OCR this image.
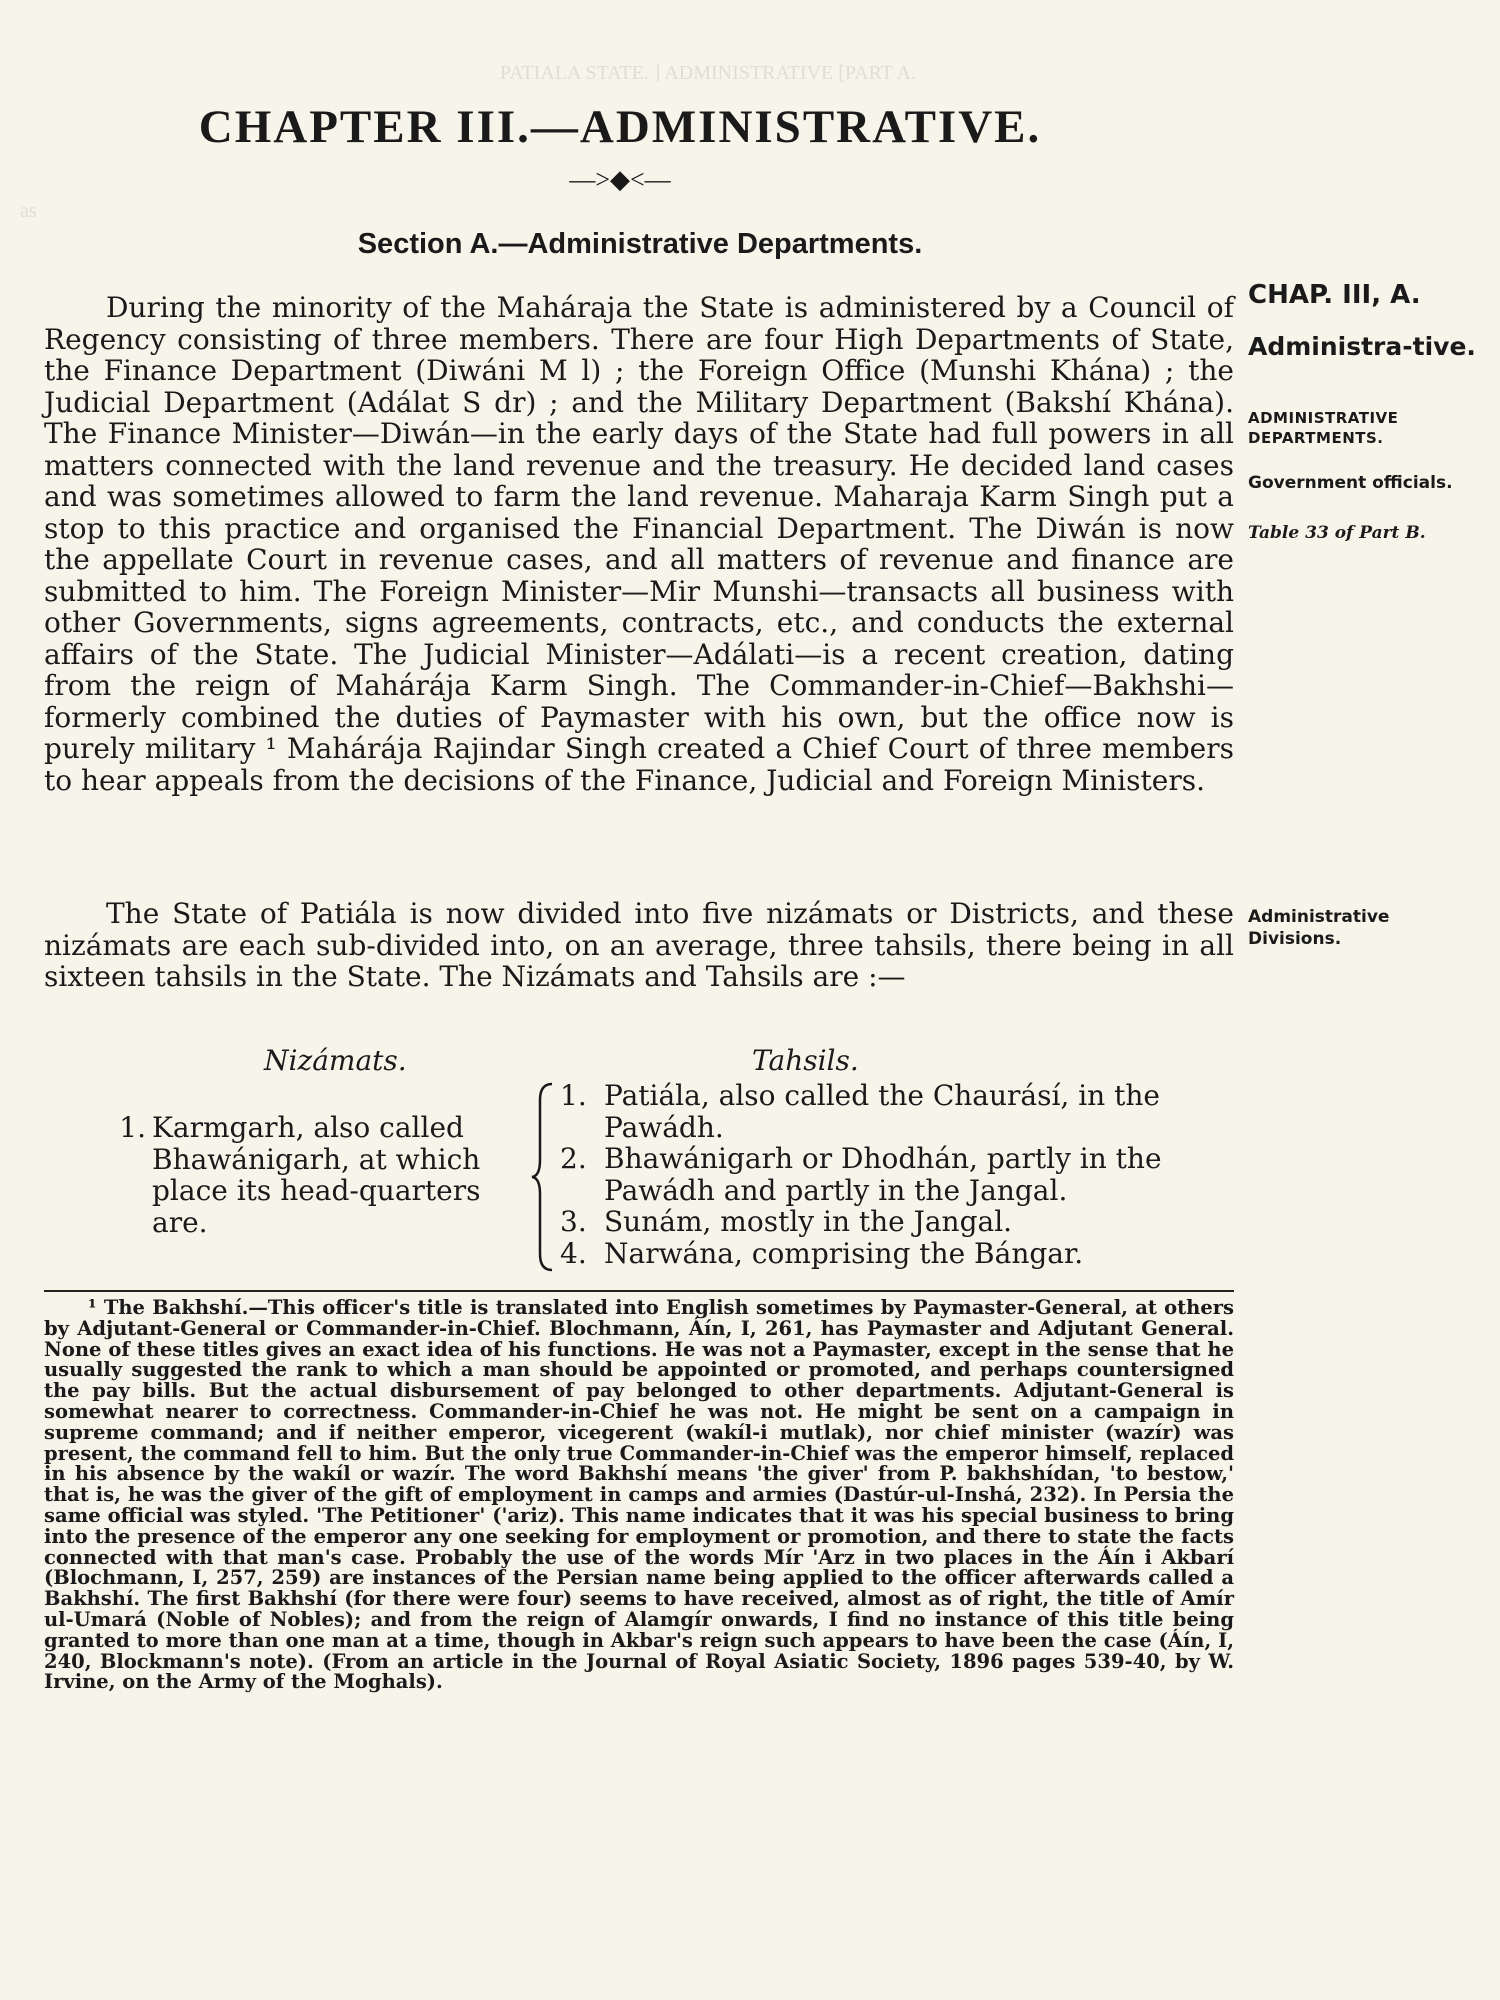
PATIALA STATE. ] ADMINISTRATIVE [PART A.
as
CHAPTER III.—ADMINISTRATIVE.
—>◆<—
Section A.—Administrative Departments.

During the minority of the Maháraja the State is administered by a Council of Regency consisting of three members. There are four High Departments of State, the Finance Department (Diwáni M l) ; the Foreign Office (Munshi Khána) ; the Judicial Department (Adálat S dr) ; and the Military Department (Bakshí Khána). The Finance Minister—Diwán—in the early days of the State had full powers in all matters connected with the land revenue and the treasury. He decided land cases and was sometimes allowed to farm the land revenue. Maharaja Karm Singh put a stop to this practice and organised the Financial Department. The Diwán is now the appellate Court in revenue cases, and all matters of revenue and finance are submitted to him. The Foreign Minister—Mir Munshi—transacts all business with other Governments, signs agreements, contracts, etc., and conducts the external affairs of the State. The Judicial Minister—Adálati—is a recent creation, dating from the reign of Mahárája Karm Singh. The Commander-in-Chief—Bakhshi—formerly combined the duties of Paymaster with his own, but the office now is purely military ¹ Mahárája Rajindar Singh created a Chief Court of three members to hear appeals from the decisions of the Finance, Judicial and Foreign Ministers.

The State of Patiála is now divided into five nizámats or Districts, and these nizámats are each sub-divided into, on an average, three tahsils, there being in all sixteen tahsils in the State. The Nizámats and Tahsils are :—

Nizámats.	Tahsils.
1. Karmgarh, also called
Bhawánigarh, at which place its head-quarters are.
1. Patiála, also called the Chaurásí, in the Pawádh.
2. Bhawánigarh or Dhodhán, partly in the Pawádh and partly in the Jangal.
3. Sunám, mostly in the Jangal.
4. Narwána, comprising the Bángar.

¹ The Bakhshí.—This officer's title is translated into English sometimes by Paymaster-General, at others by Adjutant-General or Commander-in-Chief. Blochmann, Áín, I, 261, has Paymaster and Adjutant General. None of these titles gives an exact idea of his functions. He was not a Paymaster, except in the sense that he usually suggested the rank to which a man should be appointed or promoted, and perhaps countersigned the pay bills. But the actual disbursement of pay belonged to other departments. Adjutant-General is somewhat nearer to correctness. Commander-in-Chief he was not. He might be sent on a campaign in supreme command; and if neither emperor, vicegerent (wakíl-i mutlak), nor chief minister (wazír) was present, the command fell to him. But the only true Commander-in-Chief was the emperor himself, replaced in his absence by the wakíl or wazír. The word Bakhshí means 'the giver' from P. bakhshídan, 'to bestow,' that is, he was the giver of the gift of employment in camps and armies (Dastúr-ul-Inshá, 232). In Persia the same official was styled. 'The Petitioner' ('ariz). This name indicates that it was his special business to bring into the presence of the emperor any one seeking for employment or promotion, and there to state the facts connected with that man's case. Probably the use of the words Mír 'Arz in two places in the Áín i Akbarí (Blochmann, I, 257, 259) are instances of the Persian name being applied to the officer afterwards called a Bakhshí. The first Bakhshí (for there were four) seems to have received, almost as of right, the title of Amír ul-Umará (Noble of Nobles); and from the reign of Alamgír onwards, I find no instance of this title being granted to more than one man at a time, though in Akbar's reign such appears to have been the case (Áín, I, 240, Blockmann's note). (From an article in the Journal of Royal Asiatic Society, 1896 pages 539-40, by W. Irvine, on the Army of the Moghals).

CHAP. III, A.
Administra-tive.
ADMINISTRATIVE DEPARTMENTS.
Government officials.
Table 33 of Part B.
Administrative Divisions.
